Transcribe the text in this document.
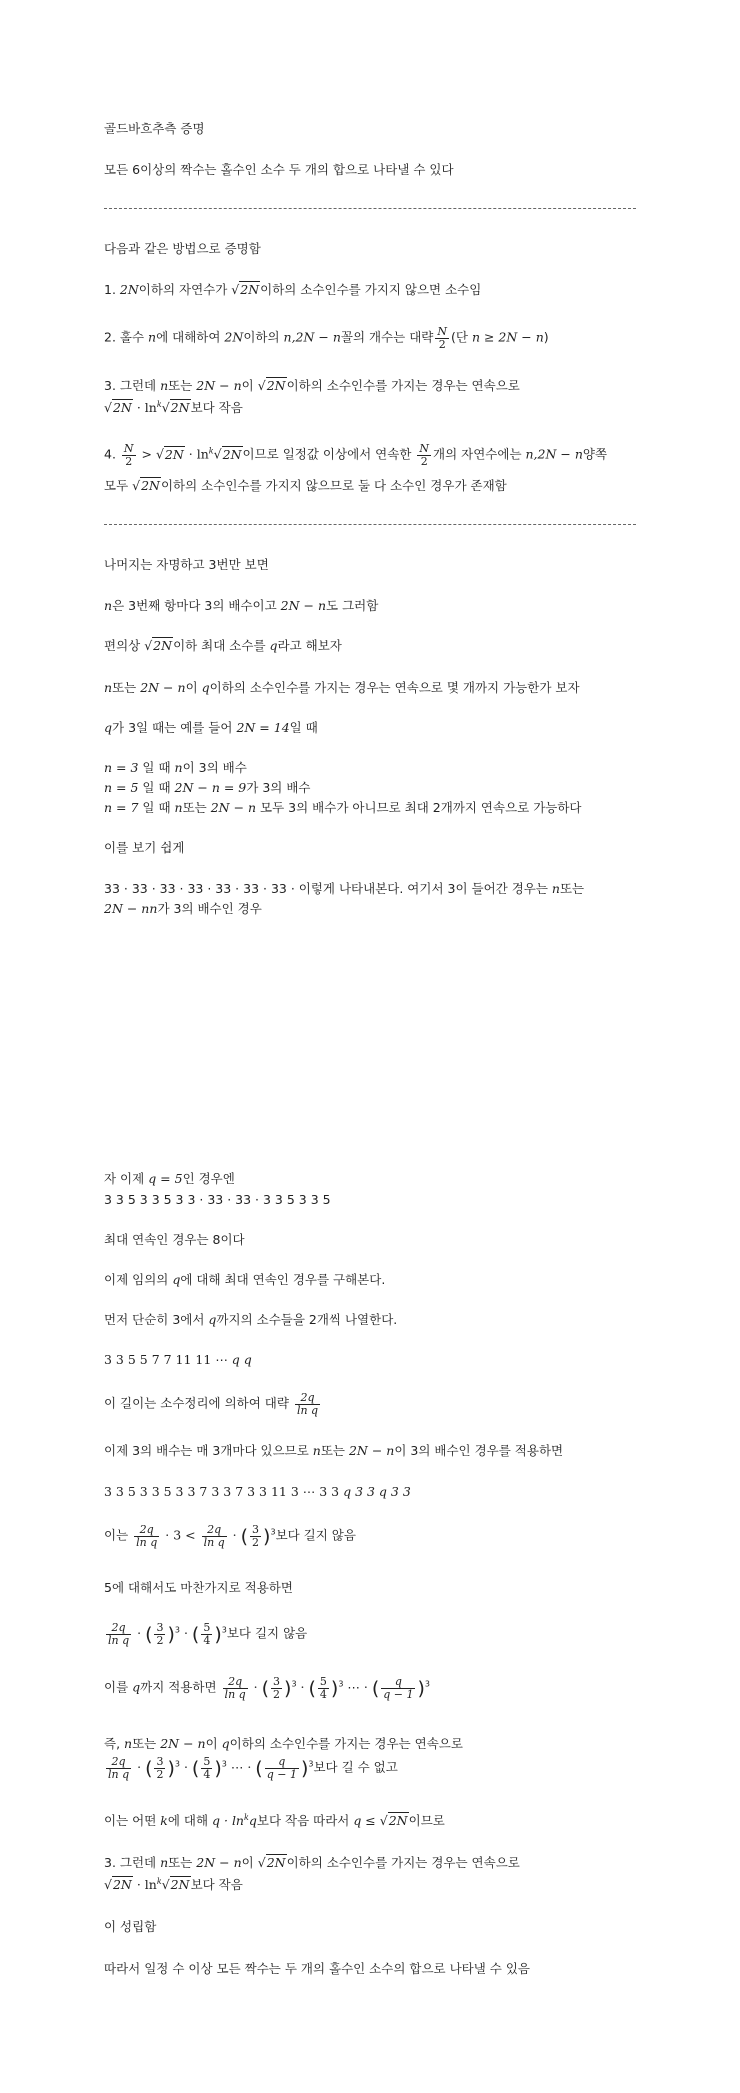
골드바흐추측 증명
모든 6이상의 짝수는 홀수인 소수 두 개의 합으로 나타낼 수 있다
다음과 같은 방법으로 증명함
1. 2N이하의 자연수가 √2N이하의 소수인수를 가지지 않으면 소수임
2. 홀수 n에 대해하여 2N이하의 n,2N − n꼴의 개수는 대략 $\frac{N}{2}$ (단 n ≥ 2N − n)
3. 그런데 n또는 2N − n이 √2N이하의 소수인수를 가지는 경우는 연속으로
$√2N \cdot \ln^k√2N$보다 작음
4. $\frac{N}{2} > √2N \cdot \ln^k√2N$이므로 일정값 이상에서 연속한 $\frac{N}{2}$ 개의 자연수에는 n,2N − n양쪽
모두 √2N이하의 소수인수를 가지지 않으므로 둘 다 소수인 경우가 존재함
나머지는 자명하고 3번만 보면
n은 3번째 항마다 3의 배수이고 2N − n도 그러함
편의상 √2N이하 최대 소수를 q라고 해보자
n또는 2N − n이 q이하의 소수인수를 가지는 경우는 연속으로 몇 개까지 가능한가 보자
q가 3일 때는 예를 들어 2N = 14일 때
n = 3 일 때 n이 3의 배수
n = 5 일 때 2N − n = 9가 3의 배수
n = 7 일 때 n또는 2N − n 모두 3의 배수가 아니므로 최대 2개까지 연속으로 가능하다
이를 보기 쉽게
33 · 33 · 33 · 33 · 33 · 33 · 33 · 이렇게 나타내본다. 여기서 3이 들어간 경우는 n또는
2N − nn가 3의 배수인 경우
자 이제 q = 5인 경우엔
3 3 5 3 3 5 3 3 · 33 · 33 · 3 3 5 3 3 5
최대 연속인 경우는 8이다
이제 임의의 q에 대해 최대 연속인 경우를 구해본다.
먼저 단순히 3에서 q까지의 소수들을 2개씩 나열한다.
3 3 5 5 7 7 11 11 ⋯ q q
이 길이는 소수정리에 의하여 대략 $\frac{2q}{\text{ln q}}$
이제 3의 배수는 매 3개마다 있으므로 n또는 2N − n이 3의 배수인 경우를 적용하면
3 3 5 3 3 5 3 3 7 3 3 7 3 3 11 3 ⋯ 3 3 q 3 3 q 3 3
이는 $\frac{2q}{\text{ln q}} \cdot 3 < \frac{2q}{\text{ln q}}$ · ( $\frac{3}{2} )^3$보다 길지 않음
5에 대해서도 마찬가지로 적용하면
$\frac{2q}{\text{ln q}}$ · ( $\frac{3}{2} )^3$ · ( $\frac{5}{4} )^3$보다 길지 않음
이를 q까지 적용하면 $\frac{2q}{\text{ln q}}$ · ( $\frac{3}{2} )^3$ · ( $\frac{5}{4} )^3$ ⋯ · ( $\frac{q}{q - 1} )^3$
즉, n또는 2N − n이 q이하의 소수인수를 가지는 경우는 연속으로
$\frac{2q}{\text{ln q}}$ · ( $\frac{3}{2} )^3$ · ( $\frac{5}{4} )^3$ ⋯ · ( $\frac{q}{q - 1} )^3$보다 길 수 없고
이는 어떤 k에 대해 $q \cdot \ln^kq$보다 작음 따라서 q ≤ √2N이므로
3. 그런데 n또는 2N − n이 √2N이하의 소수인수를 가지는 경우는 연속으로
$√2N \cdot \ln^k√2N$보다 작음
이 성립함
따라서 일정 수 이상 모든 짝수는 두 개의 홀수인 소수의 합으로 나타낼 수 있음
